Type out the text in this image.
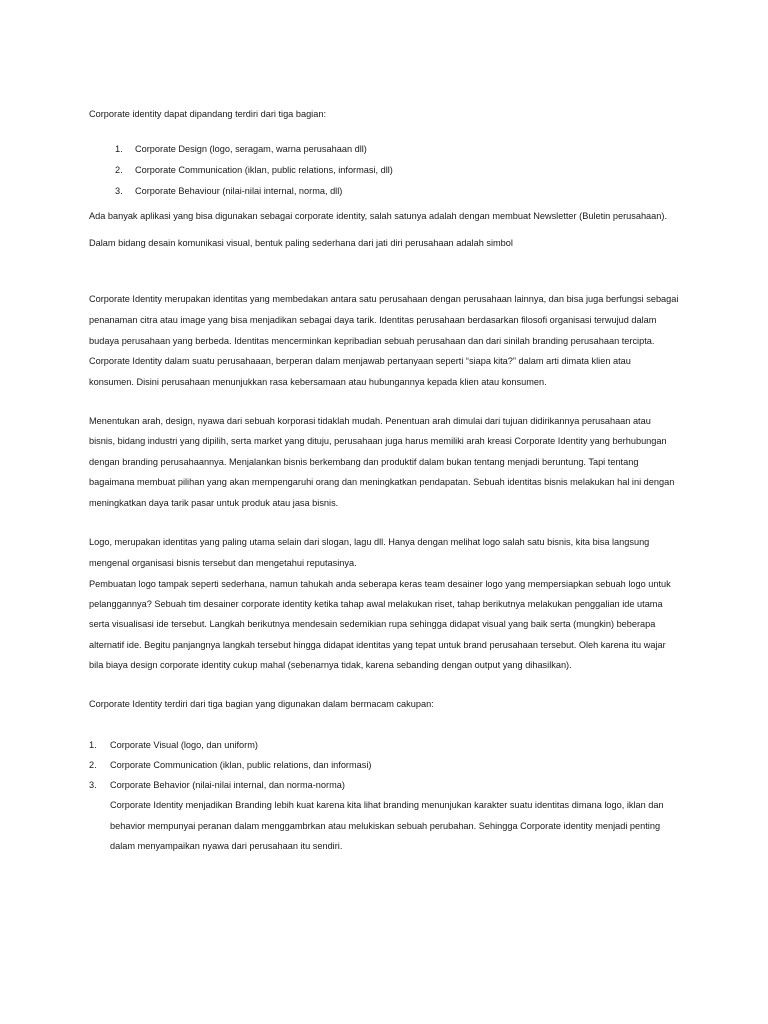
Corporate identity dapat dipandang terdiri dari tiga bagian:

1. Corporate Design (logo, seragam, warna perusahaan dll)
2. Corporate Communication (iklan, public relations, informasi, dll)
3. Corporate Behaviour (nilai-nilai internal, norma, dll)

Ada banyak aplikasi yang bisa digunakan sebagai corporate identity, salah satunya adalah dengan membuat Newsletter (Buletin perusahaan).

Dalam bidang desain komunikasi visual, bentuk paling sederhana dari jati diri perusahaan adalah simbol

Corporate Identity merupakan identitas yang membedakan antara satu perusahaan dengan perusahaan lainnya, dan bisa juga berfungsi sebagai

penanaman citra atau image yang bisa menjadikan sebagai daya tarik. Identitas perusahaan berdasarkan filosofi organisasi terwujud dalam

budaya perusahaan yang berbeda. Identitas mencerminkan kepribadian sebuah perusahaan dan dari sinilah branding perusahaan tercipta.

Corporate Identity dalam suatu perusahaaan, berperan dalam menjawab pertanyaan seperti “siapa kita?” dalam arti dimata klien atau

konsumen. Disini perusahaan menunjukkan rasa kebersamaan atau hubungannya kepada klien atau konsumen.

Menentukan arah, design, nyawa dari sebuah korporasi tidaklah mudah. Penentuan arah dimulai dari tujuan didirikannya perusahaan atau

bisnis, bidang industri yang dipilih, serta market yang dituju, perusahaan juga harus memiliki arah kreasi Corporate Identity yang berhubungan

dengan branding perusahaannya. Menjalankan bisnis berkembang dan produktif dalam bukan tentang menjadi beruntung. Tapi tentang

bagaimana membuat pilihan yang akan mempengaruhi orang dan meningkatkan pendapatan. Sebuah identitas bisnis melakukan hal ini dengan

meningkatkan daya tarik pasar untuk produk atau jasa bisnis.

Logo, merupakan identitas yang paling utama selain dari slogan, lagu dll. Hanya dengan melihat logo salah satu bisnis, kita bisa langsung

mengenal organisasi bisnis tersebut dan mengetahui reputasinya.

Pembuatan logo tampak seperti sederhana, namun tahukah anda seberapa keras team desainer logo yang mempersiapkan sebuah logo untuk

pelanggannya? Sebuah tim desainer corporate identity ketika tahap awal melakukan riset, tahap berikutnya melakukan penggalian ide utama

serta visualisasi ide tersebut. Langkah berikutnya mendesain sedemikian rupa sehingga didapat visual yang baik serta (mungkin) beberapa

alternatif ide. Begitu panjangnya langkah tersebut hingga didapat identitas yang tepat untuk brand perusahaan tersebut. Oleh karena itu wajar

bila biaya design corporate identity cukup mahal (sebenarnya tidak, karena sebanding dengan output yang dihasilkan).

Corporate Identity terdiri dari tiga bagian yang digunakan dalam bermacam cakupan:

1. Corporate Visual (logo, dan uniform)
2. Corporate Communication (iklan, public relations, dan informasi)
3. Corporate Behavior (nilai-nilai internal, dan norma-norma)
Corporate Identity menjadikan Branding lebih kuat karena kita lihat branding menunjukan karakter suatu identitas dimana logo, iklan dan
behavior mempunyai peranan dalam menggambrkan atau melukiskan sebuah perubahan. Sehingga Corporate identity menjadi penting
dalam menyampaikan nyawa dari perusahaan itu sendiri.
